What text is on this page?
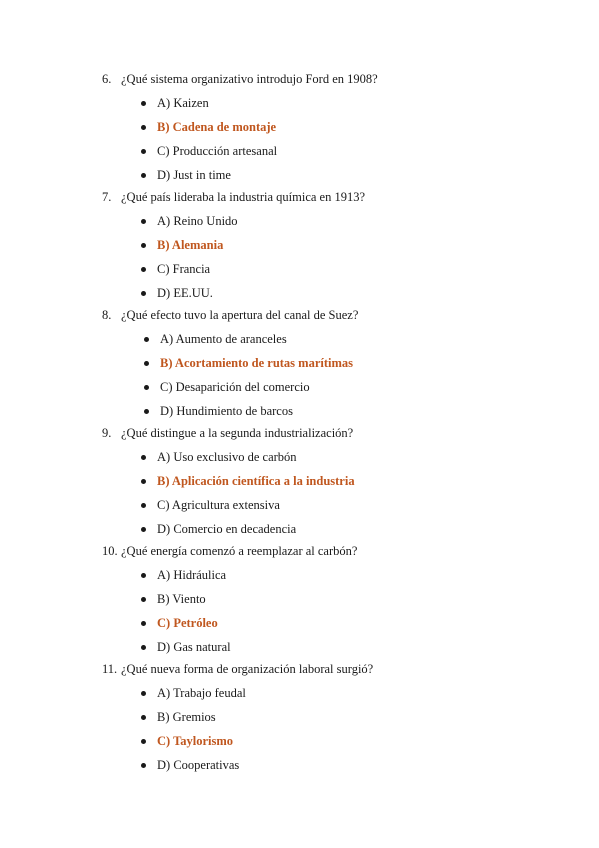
6. ¿Qué sistema organizativo introdujo Ford en 1908?
A) Kaizen
B) Cadena de montaje
C) Producción artesanal
D) Just in time
7. ¿Qué país lideraba la industria química en 1913?
A) Reino Unido
B) Alemania
C) Francia
D) EE.UU.
8. ¿Qué efecto tuvo la apertura del canal de Suez?
A) Aumento de aranceles
B) Acortamiento de rutas marítimas
C) Desaparición del comercio
D) Hundimiento de barcos
9. ¿Qué distingue a la segunda industrialización?
A) Uso exclusivo de carbón
B) Aplicación científica a la industria
C) Agricultura extensiva
D) Comercio en decadencia
10. ¿Qué energía comenzó a reemplazar al carbón?
A) Hidráulica
B) Viento
C) Petróleo
D) Gas natural
11. ¿Qué nueva forma de organización laboral surgió?
A) Trabajo feudal
B) Gremios
C) Taylorismo
D) Cooperativas
